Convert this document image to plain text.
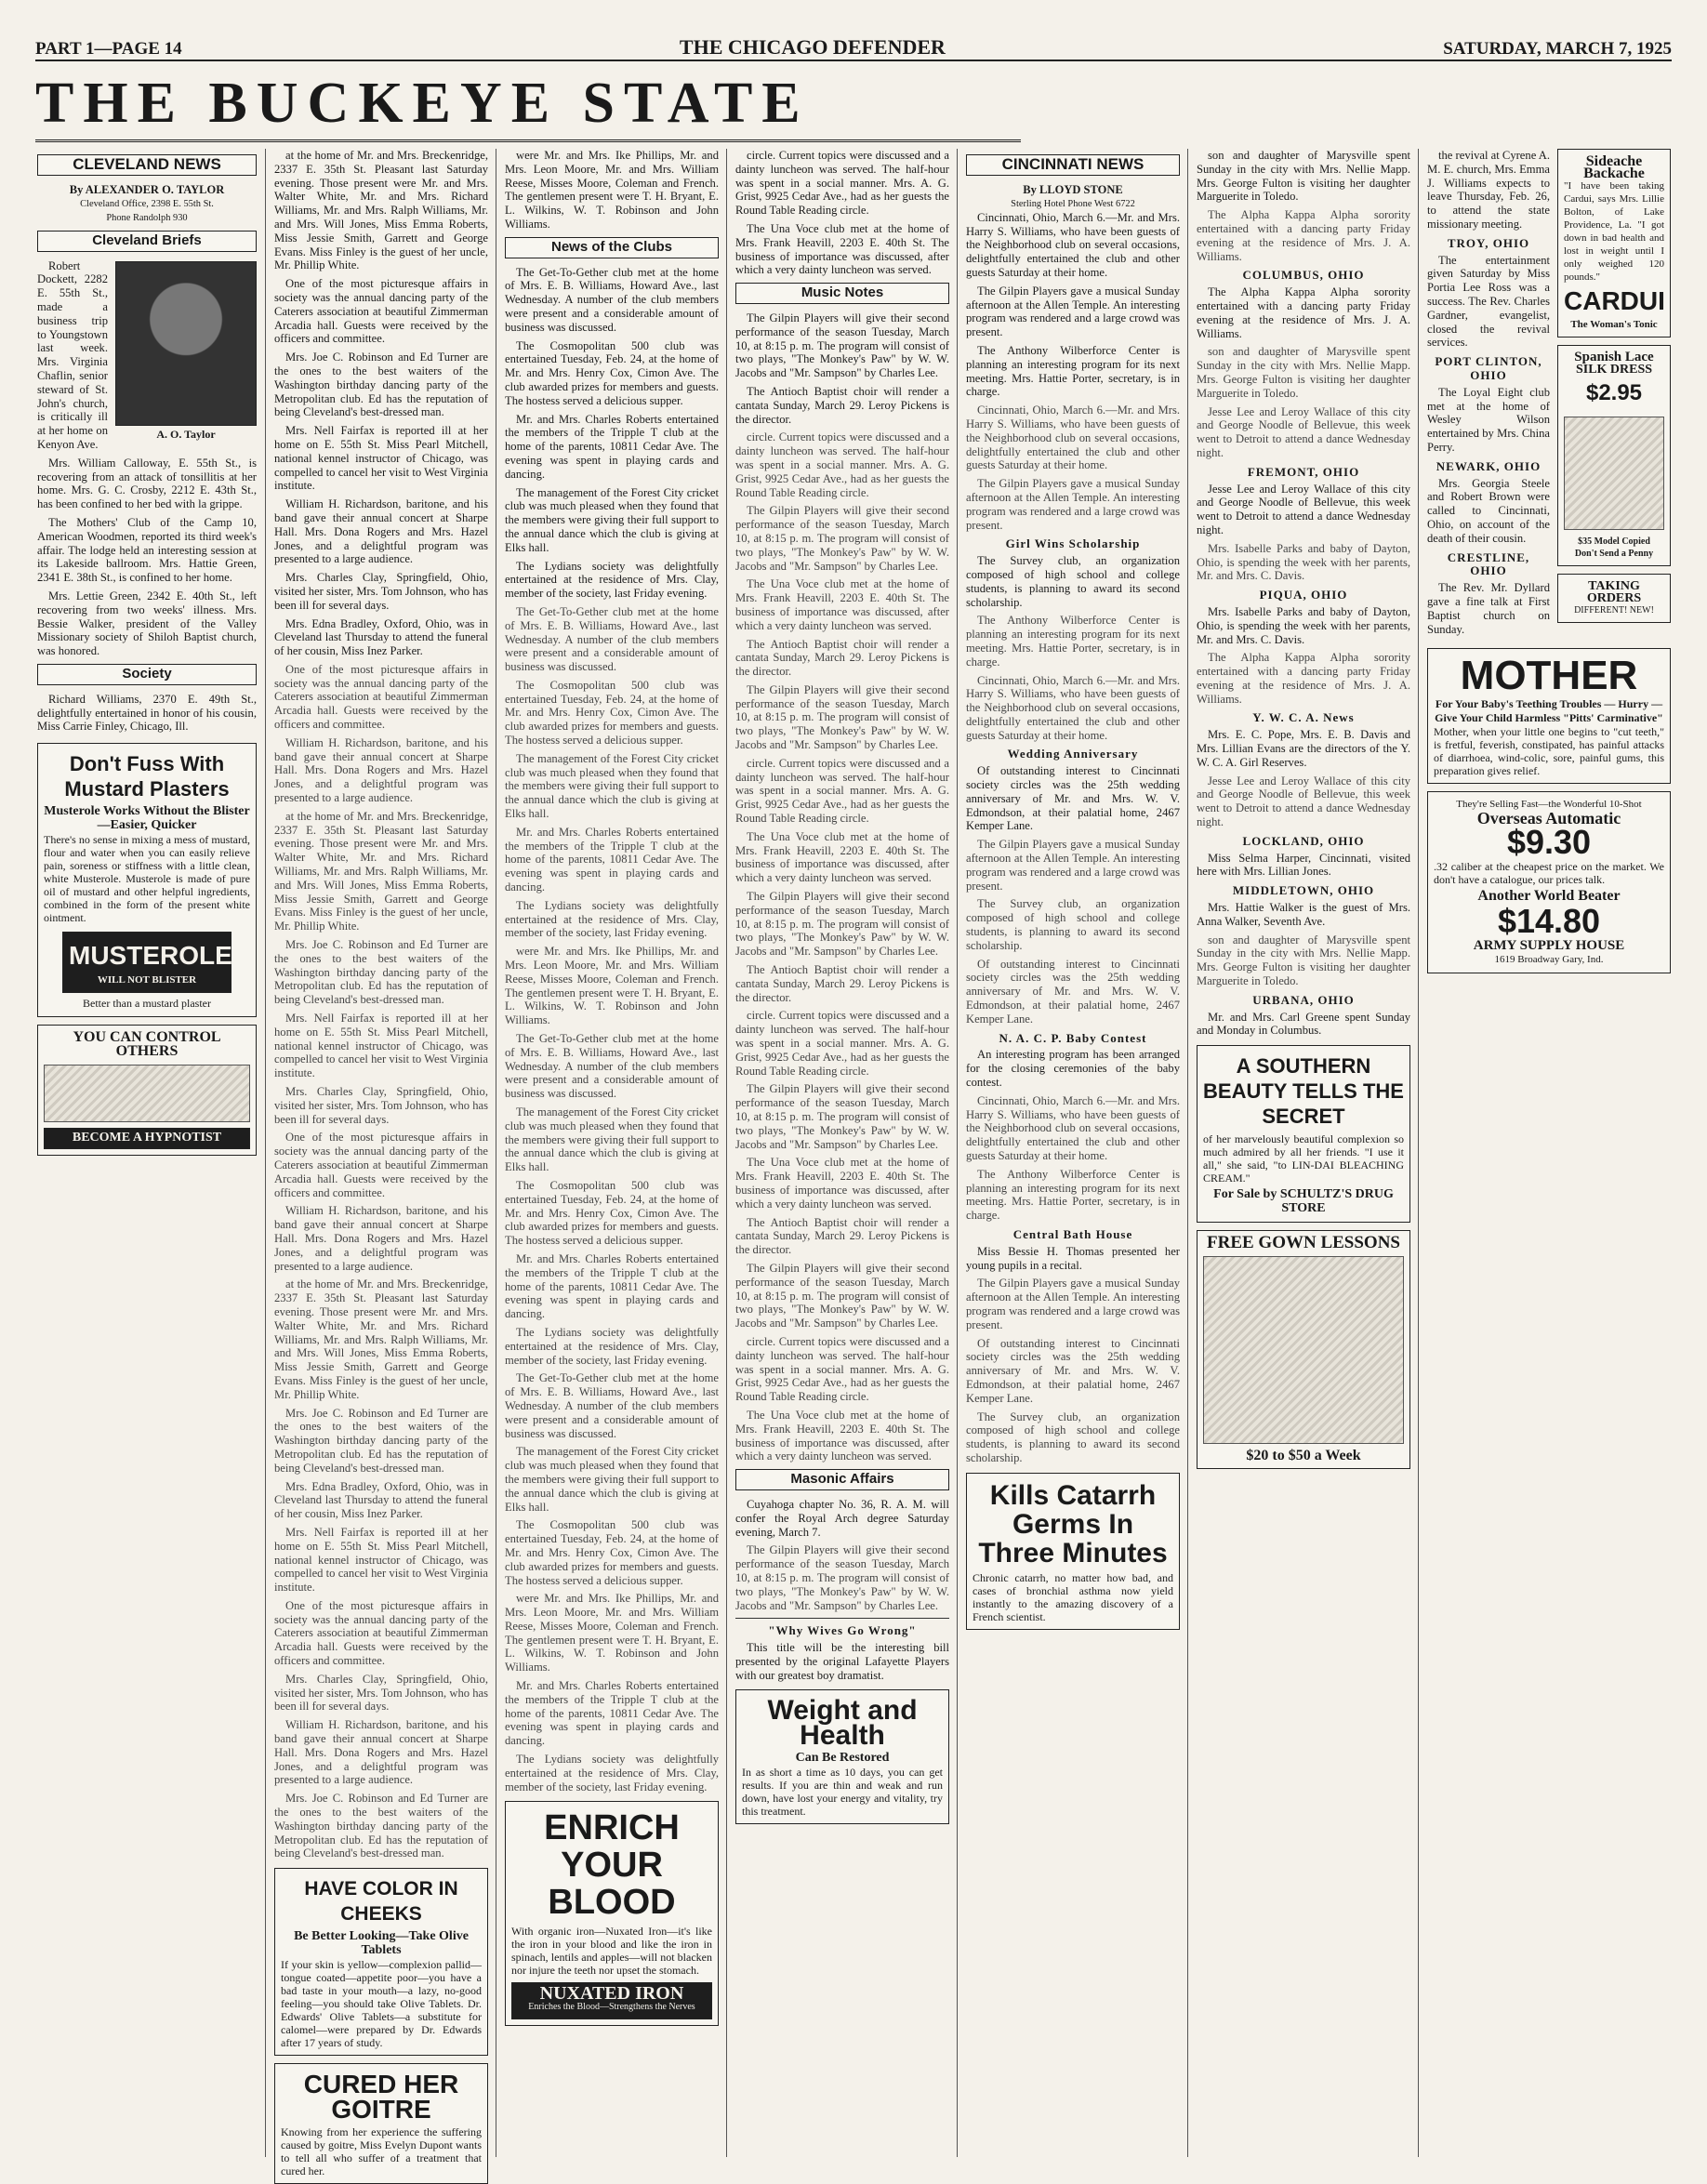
PART 1—PAGE 14	THE CHICAGO DEFENDER	SATURDAY, MARCH 7, 1925
THE BUCKEYE STATE
CLEVELAND NEWS
By ALEXANDER O. TAYLOR
Cleveland Office, 2398 E. 55th St.
Phone Randolph 930
Cleveland Briefs
A. O. Taylor

Robert Dockett, 2282 E. 55th St., made a business trip to Youngstown last week. Mrs. Virginia Chaflin, senior steward of St. John's church, is critically ill at her home on Kenyon Ave.

Mrs. William Calloway, E. 55th St., is recovering from an attack of tonsillitis at her home. Mrs. G. C. Crosby, 2212 E. 43th St., has been confined to her bed with la grippe.

The Mothers' Club of the Camp 10, American Woodmen, reported its third week's affair. The lodge held an interesting session at its Lakeside ballroom. Mrs. Hattie Green, 2341 E. 38th St., is confined to her home.

Mrs. Lettie Green, 2342 E. 40th St., left recovering from two weeks' illness. Mrs. Bessie Walker, president of the Valley Missionary society of Shiloh Baptist church, was honored.

Society

Richard Williams, 2370 E. 49th St., delightfully entertained in honor of his cousin, Miss Carrie Finley, Chicago, Ill.

Don't Fuss With Mustard Plasters
Musterole Works Without the Blister—Easier, Quicker
There's no sense in mixing a mess of mustard, flour and water when you can easily relieve pain, soreness or stiffness with a little clean, white Musterole. Musterole is made of pure oil of mustard and other helpful ingredients, combined in the form of the present white ointment.
MUSTEROLE
WILL NOT BLISTER
Better than a mustard plaster
YOU CAN CONTROL OTHERS
BECOME A HYPNOTIST

at the home of Mr. and Mrs. Breckenridge, 2337 E. 35th St. Pleasant last Saturday evening. Those present were Mr. and Mrs. Walter White, Mr. and Mrs. Richard Williams, Mr. and Mrs. Ralph Williams, Mr. and Mrs. Will Jones, Miss Emma Roberts, Miss Jessie Smith, Garrett and George Evans. Miss Finley is the guest of her uncle, Mr. Phillip White.

One of the most picturesque affairs in society was the annual dancing party of the Caterers association at beautiful Zimmerman Arcadia hall. Guests were received by the officers and committee.

Mrs. Joe C. Robinson and Ed Turner are the ones to the best waiters of the Washington birthday dancing party of the Metropolitan club. Ed has the reputation of being Cleveland's best-dressed man.

Mrs. Nell Fairfax is reported ill at her home on E. 55th St. Miss Pearl Mitchell, national kennel instructor of Chicago, was compelled to cancel her visit to West Virginia institute.

William H. Richardson, baritone, and his band gave their annual concert at Sharpe Hall. Mrs. Dona Rogers and Mrs. Hazel Jones, and a delightful program was presented to a large audience.

Mrs. Charles Clay, Springfield, Ohio, visited her sister, Mrs. Tom Johnson, who has been ill for several days.

Mrs. Edna Bradley, Oxford, Ohio, was in Cleveland last Thursday to attend the funeral of her cousin, Miss Inez Parker.

One of the most picturesque affairs in society was the annual dancing party of the Caterers association at beautiful Zimmerman Arcadia hall. Guests were received by the officers and committee.

William H. Richardson, baritone, and his band gave their annual concert at Sharpe Hall. Mrs. Dona Rogers and Mrs. Hazel Jones, and a delightful program was presented to a large audience.

at the home of Mr. and Mrs. Breckenridge, 2337 E. 35th St. Pleasant last Saturday evening. Those present were Mr. and Mrs. Walter White, Mr. and Mrs. Richard Williams, Mr. and Mrs. Ralph Williams, Mr. and Mrs. Will Jones, Miss Emma Roberts, Miss Jessie Smith, Garrett and George Evans. Miss Finley is the guest of her uncle, Mr. Phillip White.

Mrs. Joe C. Robinson and Ed Turner are the ones to the best waiters of the Washington birthday dancing party of the Metropolitan club. Ed has the reputation of being Cleveland's best-dressed man.

Mrs. Nell Fairfax is reported ill at her home on E. 55th St. Miss Pearl Mitchell, national kennel instructor of Chicago, was compelled to cancel her visit to West Virginia institute.

Mrs. Charles Clay, Springfield, Ohio, visited her sister, Mrs. Tom Johnson, who has been ill for several days.

One of the most picturesque affairs in society was the annual dancing party of the Caterers association at beautiful Zimmerman Arcadia hall. Guests were received by the officers and committee.

William H. Richardson, baritone, and his band gave their annual concert at Sharpe Hall. Mrs. Dona Rogers and Mrs. Hazel Jones, and a delightful program was presented to a large audience.

at the home of Mr. and Mrs. Breckenridge, 2337 E. 35th St. Pleasant last Saturday evening. Those present were Mr. and Mrs. Walter White, Mr. and Mrs. Richard Williams, Mr. and Mrs. Ralph Williams, Mr. and Mrs. Will Jones, Miss Emma Roberts, Miss Jessie Smith, Garrett and George Evans. Miss Finley is the guest of her uncle, Mr. Phillip White.

Mrs. Joe C. Robinson and Ed Turner are the ones to the best waiters of the Washington birthday dancing party of the Metropolitan club. Ed has the reputation of being Cleveland's best-dressed man.

Mrs. Edna Bradley, Oxford, Ohio, was in Cleveland last Thursday to attend the funeral of her cousin, Miss Inez Parker.

Mrs. Nell Fairfax is reported ill at her home on E. 55th St. Miss Pearl Mitchell, national kennel instructor of Chicago, was compelled to cancel her visit to West Virginia institute.

One of the most picturesque affairs in society was the annual dancing party of the Caterers association at beautiful Zimmerman Arcadia hall. Guests were received by the officers and committee.

Mrs. Charles Clay, Springfield, Ohio, visited her sister, Mrs. Tom Johnson, who has been ill for several days.

William H. Richardson, baritone, and his band gave their annual concert at Sharpe Hall. Mrs. Dona Rogers and Mrs. Hazel Jones, and a delightful program was presented to a large audience.

Mrs. Joe C. Robinson and Ed Turner are the ones to the best waiters of the Washington birthday dancing party of the Metropolitan club. Ed has the reputation of being Cleveland's best-dressed man.

HAVE COLOR IN CHEEKS
Be Better Looking—Take Olive Tablets
If your skin is yellow—complexion pallid—tongue coated—appetite poor—you have a bad taste in your mouth—a lazy, no-good feeling—you should take Olive Tablets. Dr. Edwards' Olive Tablets—a substitute for calomel—were prepared by Dr. Edwards after 17 years of study.
CURED HER GOITRE
Knowing from her experience the suffering caused by goitre, Miss Evelyn Dupont wants to tell all who suffer of a treatment that cured her.

were Mr. and Mrs. Ike Phillips, Mr. and Mrs. Leon Moore, Mr. and Mrs. William Reese, Misses Moore, Coleman and French. The gentlemen present were T. H. Bryant, E. L. Wilkins, W. T. Robinson and John Williams.

News of the Clubs

The Get-To-Gether club met at the home of Mrs. E. B. Williams, Howard Ave., last Wednesday. A number of the club members were present and a considerable amount of business was discussed.

The Cosmopolitan 500 club was entertained Tuesday, Feb. 24, at the home of Mr. and Mrs. Henry Cox, Cimon Ave. The club awarded prizes for members and guests. The hostess served a delicious supper.

Mr. and Mrs. Charles Roberts entertained the members of the Tripple T club at the home of the parents, 10811 Cedar Ave. The evening was spent in playing cards and dancing.

The management of the Forest City cricket club was much pleased when they found that the members were giving their full support to the annual dance which the club is giving at Elks hall.

The Lydians society was delightfully entertained at the residence of Mrs. Clay, member of the society, last Friday evening.

The Get-To-Gether club met at the home of Mrs. E. B. Williams, Howard Ave., last Wednesday. A number of the club members were present and a considerable amount of business was discussed.

The Cosmopolitan 500 club was entertained Tuesday, Feb. 24, at the home of Mr. and Mrs. Henry Cox, Cimon Ave. The club awarded prizes for members and guests. The hostess served a delicious supper.

The management of the Forest City cricket club was much pleased when they found that the members were giving their full support to the annual dance which the club is giving at Elks hall.

Mr. and Mrs. Charles Roberts entertained the members of the Tripple T club at the home of the parents, 10811 Cedar Ave. The evening was spent in playing cards and dancing.

The Lydians society was delightfully entertained at the residence of Mrs. Clay, member of the society, last Friday evening.

were Mr. and Mrs. Ike Phillips, Mr. and Mrs. Leon Moore, Mr. and Mrs. William Reese, Misses Moore, Coleman and French. The gentlemen present were T. H. Bryant, E. L. Wilkins, W. T. Robinson and John Williams.

The Get-To-Gether club met at the home of Mrs. E. B. Williams, Howard Ave., last Wednesday. A number of the club members were present and a considerable amount of business was discussed.

The management of the Forest City cricket club was much pleased when they found that the members were giving their full support to the annual dance which the club is giving at Elks hall.

The Cosmopolitan 500 club was entertained Tuesday, Feb. 24, at the home of Mr. and Mrs. Henry Cox, Cimon Ave. The club awarded prizes for members and guests. The hostess served a delicious supper.

Mr. and Mrs. Charles Roberts entertained the members of the Tripple T club at the home of the parents, 10811 Cedar Ave. The evening was spent in playing cards and dancing.

The Lydians society was delightfully entertained at the residence of Mrs. Clay, member of the society, last Friday evening.

The Get-To-Gether club met at the home of Mrs. E. B. Williams, Howard Ave., last Wednesday. A number of the club members were present and a considerable amount of business was discussed.

The management of the Forest City cricket club was much pleased when they found that the members were giving their full support to the annual dance which the club is giving at Elks hall.

The Cosmopolitan 500 club was entertained Tuesday, Feb. 24, at the home of Mr. and Mrs. Henry Cox, Cimon Ave. The club awarded prizes for members and guests. The hostess served a delicious supper.

were Mr. and Mrs. Ike Phillips, Mr. and Mrs. Leon Moore, Mr. and Mrs. William Reese, Misses Moore, Coleman and French. The gentlemen present were T. H. Bryant, E. L. Wilkins, W. T. Robinson and John Williams.

Mr. and Mrs. Charles Roberts entertained the members of the Tripple T club at the home of the parents, 10811 Cedar Ave. The evening was spent in playing cards and dancing.

The Lydians society was delightfully entertained at the residence of Mrs. Clay, member of the society, last Friday evening.

ENRICH YOUR BLOOD
With organic iron—Nuxated Iron—it's like the iron in your blood and like the iron in spinach, lentils and apples—will not blacken nor injure the teeth nor upset the stomach.
NUXATED IRON
Enriches the Blood—Strengthens the Nerves

circle. Current topics were discussed and a dainty luncheon was served. The half-hour was spent in a social manner. Mrs. A. G. Grist, 9925 Cedar Ave., had as her guests the Round Table Reading circle.

The Una Voce club met at the home of Mrs. Frank Heavill, 2203 E. 40th St. The business of importance was discussed, after which a very dainty luncheon was served.

Music Notes

The Gilpin Players will give their second performance of the season Tuesday, March 10, at 8:15 p. m. The program will consist of two plays, "The Monkey's Paw" by W. W. Jacobs and "Mr. Sampson" by Charles Lee.

The Antioch Baptist choir will render a cantata Sunday, March 29. Leroy Pickens is the director.

circle. Current topics were discussed and a dainty luncheon was served. The half-hour was spent in a social manner. Mrs. A. G. Grist, 9925 Cedar Ave., had as her guests the Round Table Reading circle.

The Gilpin Players will give their second performance of the season Tuesday, March 10, at 8:15 p. m. The program will consist of two plays, "The Monkey's Paw" by W. W. Jacobs and "Mr. Sampson" by Charles Lee.

The Una Voce club met at the home of Mrs. Frank Heavill, 2203 E. 40th St. The business of importance was discussed, after which a very dainty luncheon was served.

The Antioch Baptist choir will render a cantata Sunday, March 29. Leroy Pickens is the director.

The Gilpin Players will give their second performance of the season Tuesday, March 10, at 8:15 p. m. The program will consist of two plays, "The Monkey's Paw" by W. W. Jacobs and "Mr. Sampson" by Charles Lee.

circle. Current topics were discussed and a dainty luncheon was served. The half-hour was spent in a social manner. Mrs. A. G. Grist, 9925 Cedar Ave., had as her guests the Round Table Reading circle.

The Una Voce club met at the home of Mrs. Frank Heavill, 2203 E. 40th St. The business of importance was discussed, after which a very dainty luncheon was served.

The Gilpin Players will give their second performance of the season Tuesday, March 10, at 8:15 p. m. The program will consist of two plays, "The Monkey's Paw" by W. W. Jacobs and "Mr. Sampson" by Charles Lee.

The Antioch Baptist choir will render a cantata Sunday, March 29. Leroy Pickens is the director.

circle. Current topics were discussed and a dainty luncheon was served. The half-hour was spent in a social manner. Mrs. A. G. Grist, 9925 Cedar Ave., had as her guests the Round Table Reading circle.

The Gilpin Players will give their second performance of the season Tuesday, March 10, at 8:15 p. m. The program will consist of two plays, "The Monkey's Paw" by W. W. Jacobs and "Mr. Sampson" by Charles Lee.

The Una Voce club met at the home of Mrs. Frank Heavill, 2203 E. 40th St. The business of importance was discussed, after which a very dainty luncheon was served.

The Antioch Baptist choir will render a cantata Sunday, March 29. Leroy Pickens is the director.

The Gilpin Players will give their second performance of the season Tuesday, March 10, at 8:15 p. m. The program will consist of two plays, "The Monkey's Paw" by W. W. Jacobs and "Mr. Sampson" by Charles Lee.

circle. Current topics were discussed and a dainty luncheon was served. The half-hour was spent in a social manner. Mrs. A. G. Grist, 9925 Cedar Ave., had as her guests the Round Table Reading circle.

The Una Voce club met at the home of Mrs. Frank Heavill, 2203 E. 40th St. The business of importance was discussed, after which a very dainty luncheon was served.

Masonic Affairs

Cuyahoga chapter No. 36, R. A. M. will confer the Royal Arch degree Saturday evening, March 7.

The Gilpin Players will give their second performance of the season Tuesday, March 10, at 8:15 p. m. The program will consist of two plays, "The Monkey's Paw" by W. W. Jacobs and "Mr. Sampson" by Charles Lee.

"Why Wives Go Wrong"

This title will be the interesting bill presented by the original Lafayette Players with our greatest boy dramatist.

Weight and Health
Can Be Restored
In as short a time as 10 days, you can get results. If you are thin and weak and run down, have lost your energy and vitality, try this treatment.
CINCINNATI NEWS
By LLOYD STONE
Sterling Hotel Phone West 6722

Cincinnati, Ohio, March 6.—Mr. and Mrs. Harry S. Williams, who have been guests of the Neighborhood club on several occasions, delightfully entertained the club and other guests Saturday at their home.

The Gilpin Players gave a musical Sunday afternoon at the Allen Temple. An interesting program was rendered and a large crowd was present.

The Anthony Wilberforce Center is planning an interesting program for its next meeting. Mrs. Hattie Porter, secretary, is in charge.

Cincinnati, Ohio, March 6.—Mr. and Mrs. Harry S. Williams, who have been guests of the Neighborhood club on several occasions, delightfully entertained the club and other guests Saturday at their home.

The Gilpin Players gave a musical Sunday afternoon at the Allen Temple. An interesting program was rendered and a large crowd was present.

Girl Wins Scholarship

The Survey club, an organization composed of high school and college students, is planning to award its second scholarship.

The Anthony Wilberforce Center is planning an interesting program for its next meeting. Mrs. Hattie Porter, secretary, is in charge.

Cincinnati, Ohio, March 6.—Mr. and Mrs. Harry S. Williams, who have been guests of the Neighborhood club on several occasions, delightfully entertained the club and other guests Saturday at their home.

Wedding Anniversary

Of outstanding interest to Cincinnati society circles was the 25th wedding anniversary of Mr. and Mrs. W. V. Edmondson, at their palatial home, 2467 Kemper Lane.

The Gilpin Players gave a musical Sunday afternoon at the Allen Temple. An interesting program was rendered and a large crowd was present.

The Survey club, an organization composed of high school and college students, is planning to award its second scholarship.

Of outstanding interest to Cincinnati society circles was the 25th wedding anniversary of Mr. and Mrs. W. V. Edmondson, at their palatial home, 2467 Kemper Lane.

N. A. C. P. Baby Contest

An interesting program has been arranged for the closing ceremonies of the baby contest.

Cincinnati, Ohio, March 6.—Mr. and Mrs. Harry S. Williams, who have been guests of the Neighborhood club on several occasions, delightfully entertained the club and other guests Saturday at their home.

The Anthony Wilberforce Center is planning an interesting program for its next meeting. Mrs. Hattie Porter, secretary, is in charge.

Central Bath House

Miss Bessie H. Thomas presented her young pupils in a recital.

The Gilpin Players gave a musical Sunday afternoon at the Allen Temple. An interesting program was rendered and a large crowd was present.

Of outstanding interest to Cincinnati society circles was the 25th wedding anniversary of Mr. and Mrs. W. V. Edmondson, at their palatial home, 2467 Kemper Lane.

The Survey club, an organization composed of high school and college students, is planning to award its second scholarship.

Kills Catarrh Germs In Three Minutes
Chronic catarrh, no matter how bad, and cases of bronchial asthma now yield instantly to the amazing discovery of a French scientist.

son and daughter of Marysville spent Sunday in the city with Mrs. Nellie Mapp. Mrs. George Fulton is visiting her daughter Marguerite in Toledo.

The Alpha Kappa Alpha sorority entertained with a dancing party Friday evening at the residence of Mrs. J. A. Williams.

COLUMBUS, OHIO

The Alpha Kappa Alpha sorority entertained with a dancing party Friday evening at the residence of Mrs. J. A. Williams.

son and daughter of Marysville spent Sunday in the city with Mrs. Nellie Mapp. Mrs. George Fulton is visiting her daughter Marguerite in Toledo.

Jesse Lee and Leroy Wallace of this city and George Noodle of Bellevue, this week went to Detroit to attend a dance Wednesday night.

FREMONT, OHIO

Jesse Lee and Leroy Wallace of this city and George Noodle of Bellevue, this week went to Detroit to attend a dance Wednesday night.

Mrs. Isabelle Parks and baby of Dayton, Ohio, is spending the week with her parents, Mr. and Mrs. C. Davis.

PIQUA, OHIO

Mrs. Isabelle Parks and baby of Dayton, Ohio, is spending the week with her parents, Mr. and Mrs. C. Davis.

The Alpha Kappa Alpha sorority entertained with a dancing party Friday evening at the residence of Mrs. J. A. Williams.

Y. W. C. A. News

Mrs. E. C. Pope, Mrs. E. B. Davis and Mrs. Lillian Evans are the directors of the Y. W. C. A. Girl Reserves.

Jesse Lee and Leroy Wallace of this city and George Noodle of Bellevue, this week went to Detroit to attend a dance Wednesday night.

LOCKLAND, OHIO

Miss Selma Harper, Cincinnati, visited here with Mrs. Lillian Jones.

MIDDLETOWN, OHIO

Mrs. Hattie Walker is the guest of Mrs. Anna Walker, Seventh Ave.

son and daughter of Marysville spent Sunday in the city with Mrs. Nellie Mapp. Mrs. George Fulton is visiting her daughter Marguerite in Toledo.

URBANA, OHIO

Mr. and Mrs. Carl Greene spent Sunday and Monday in Columbus.

A SOUTHERN BEAUTY TELLS THE SECRET
of her marvelously beautiful complexion so much admired by all her friends. "I use it all," she said, "to LIN-DAI BLEACHING CREAM."
For Sale by SCHULTZ'S DRUG STORE
FREE GOWN LESSONS
$20 to $50 a Week

the revival at Cyrene A. M. E. church, Mrs. Emma J. Williams expects to leave Thursday, Feb. 26, to attend the state missionary meeting.

TROY, OHIO

The entertainment given Saturday by Miss Portia Lee Ross was a success. The Rev. Charles Gardner, evangelist, closed the revival services.

PORT CLINTON, OHIO

The Loyal Eight club met at the home of Wesley Wilson entertained by Mrs. China Perry.

NEWARK, OHIO

Mrs. Georgia Steele and Robert Brown were called to Cincinnati, Ohio, on account of the death of their cousin.

CRESTLINE, OHIO

The Rev. Mr. Dyllard gave a fine talk at First Baptist church on Sunday.

Sideache Backache
"I have been taking Cardui, says Mrs. Lillie Bolton, of Lake Providence, La. "I got down in bad health and lost in weight until I only weighed 120 pounds."
CARDUI
The Woman's Tonic
Spanish Lace
SILK DRESS
$2.95
$35 Model Copied
Don't Send a Penny
TAKING ORDERS
DIFFERENT! NEW!
MOTHER
For Your Baby's Teething Troubles — Hurry — Give Your Child Harmless "Pitts' Carminative"
Mother, when your little one begins to "cut teeth," is fretful, feverish, constipated, has painful attacks of diarrhoea, wind-colic, sore, painful gums, this preparation gives relief.
They're Selling Fast—the Wonderful 10-Shot
Overseas Automatic
$9.30
.32 caliber at the cheapest price on the market. We don't have a catalogue, our prices talk.
Another World Beater
$14.80
ARMY SUPPLY HOUSE
1619 Broadway Gary, Ind.
